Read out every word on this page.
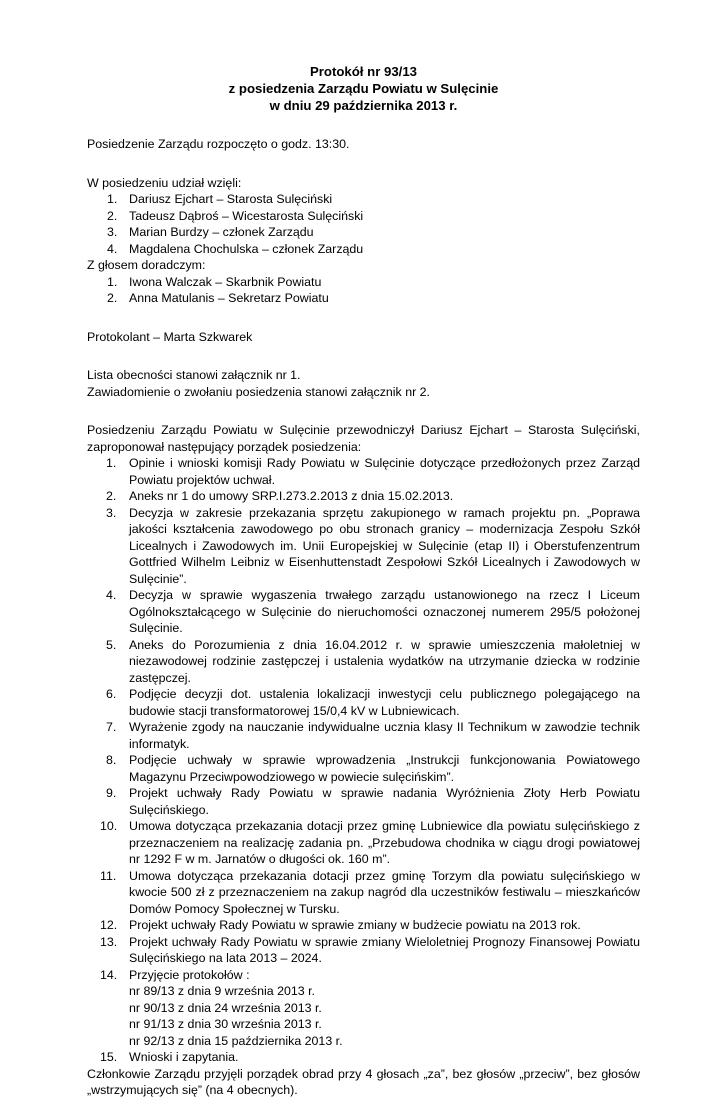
Protokół nr 93/13
z posiedzenia Zarządu Powiatu w Sulęcinie
w dniu 29 października 2013 r.

Posiedzenie Zarządu rozpoczęto o godz. 13:30.

W posiedzeniu udział wzięli:

1. Dariusz Ejchart – Starosta Sulęciński
2. Tadeusz Dąbroś – Wicestarosta Sulęciński
3. Marian Burdzy – członek Zarządu
4. Magdalena Chochulska – członek Zarządu

Z głosem doradczym:

1. Iwona Walczak – Skarbnik Powiatu
2. Anna Matulanis – Sekretarz Powiatu

Protokolant – Marta Szkwarek

Lista obecności stanowi załącznik nr 1.

Zawiadomienie o zwołaniu posiedzenia stanowi załącznik nr 2.

Posiedzeniu Zarządu Powiatu w Sulęcinie przewodniczył Dariusz Ejchart – Starosta Sulęciński, zaproponował następujący porządek posiedzenia:

1. Opinie i wnioski komisji Rady Powiatu w Sulęcinie dotyczące przedłożonych przez Zarząd Powiatu projektów uchwał.
2. Aneks nr 1 do umowy SRP.I.273.2.2013 z dnia 15.02.2013.
3. Decyzja w zakresie przekazania sprzętu zakupionego w ramach projektu pn. „Poprawa jakości kształcenia zawodowego po obu stronach granicy – modernizacja Zespołu Szkół Licealnych i Zawodowych im. Unii Europejskiej w Sulęcinie (etap II) i Oberstufenzentrum Gottfried Wilhelm Leibniz w Eisenhuttenstadt Zespołowi Szkół Licealnych i Zawodowych w Sulęcinie”.
4. Decyzja w sprawie wygaszenia trwałego zarządu ustanowionego na rzecz I Liceum Ogólnokształcącego w Sulęcinie do nieruchomości oznaczonej numerem 295/5 położonej Sulęcinie.
5. Aneks do Porozumienia z dnia 16.04.2012 r. w sprawie umieszczenia małoletniej w niezawodowej rodzinie zastępczej i ustalenia wydatków na utrzymanie dziecka w rodzinie zastępczej.
6. Podjęcie decyzji dot. ustalenia lokalizacji inwestycji celu publicznego polegającego na budowie stacji transformatorowej 15/0,4 kV w Lubniewicach.
7. Wyrażenie zgody na nauczanie indywidualne ucznia klasy II Technikum w zawodzie technik informatyk.
8. Podjęcie uchwały w sprawie wprowadzenia „Instrukcji funkcjonowania Powiatowego Magazynu Przeciwpowodziowego w powiecie sulęcińskim”.
9. Projekt uchwały Rady Powiatu w sprawie nadania Wyróżnienia Złoty Herb Powiatu Sulęcińskiego.
10. Umowa dotycząca przekazania dotacji przez gminę Lubniewice dla powiatu sulęcińskiego z przeznaczeniem na realizację zadania pn. „Przebudowa chodnika w ciągu drogi powiatowej nr 1292 F w m. Jarnatów o długości ok. 160 m”.
11. Umowa dotycząca przekazania dotacji przez gminę Torzym dla powiatu sulęcińskiego w kwocie 500 zł z przeznaczeniem na zakup nagród dla uczestników festiwalu – mieszkańców Domów Pomocy Społecznej w Tursku.
12. Projekt uchwały Rady Powiatu w sprawie zmiany w budżecie powiatu na 2013 rok.
13. Projekt uchwały Rady Powiatu w sprawie zmiany Wieloletniej Prognozy Finansowej Powiatu Sulęcińskiego na lata 2013 – 2024.
14. Przyjęcie protokołów :
nr 89/13 z dnia 9 września 2013 r.
nr 90/13 z dnia 24 września 2013 r.
nr 91/13 z dnia 30 września 2013 r.
nr 92/13 z dnia 15 października 2013 r.
15. Wnioski i zapytania.

Członkowie Zarządu przyjęli porządek obrad przy 4 głosach „za”, bez głosów „przeciw”, bez głosów „wstrzymujących się” (na 4 obecnych).
